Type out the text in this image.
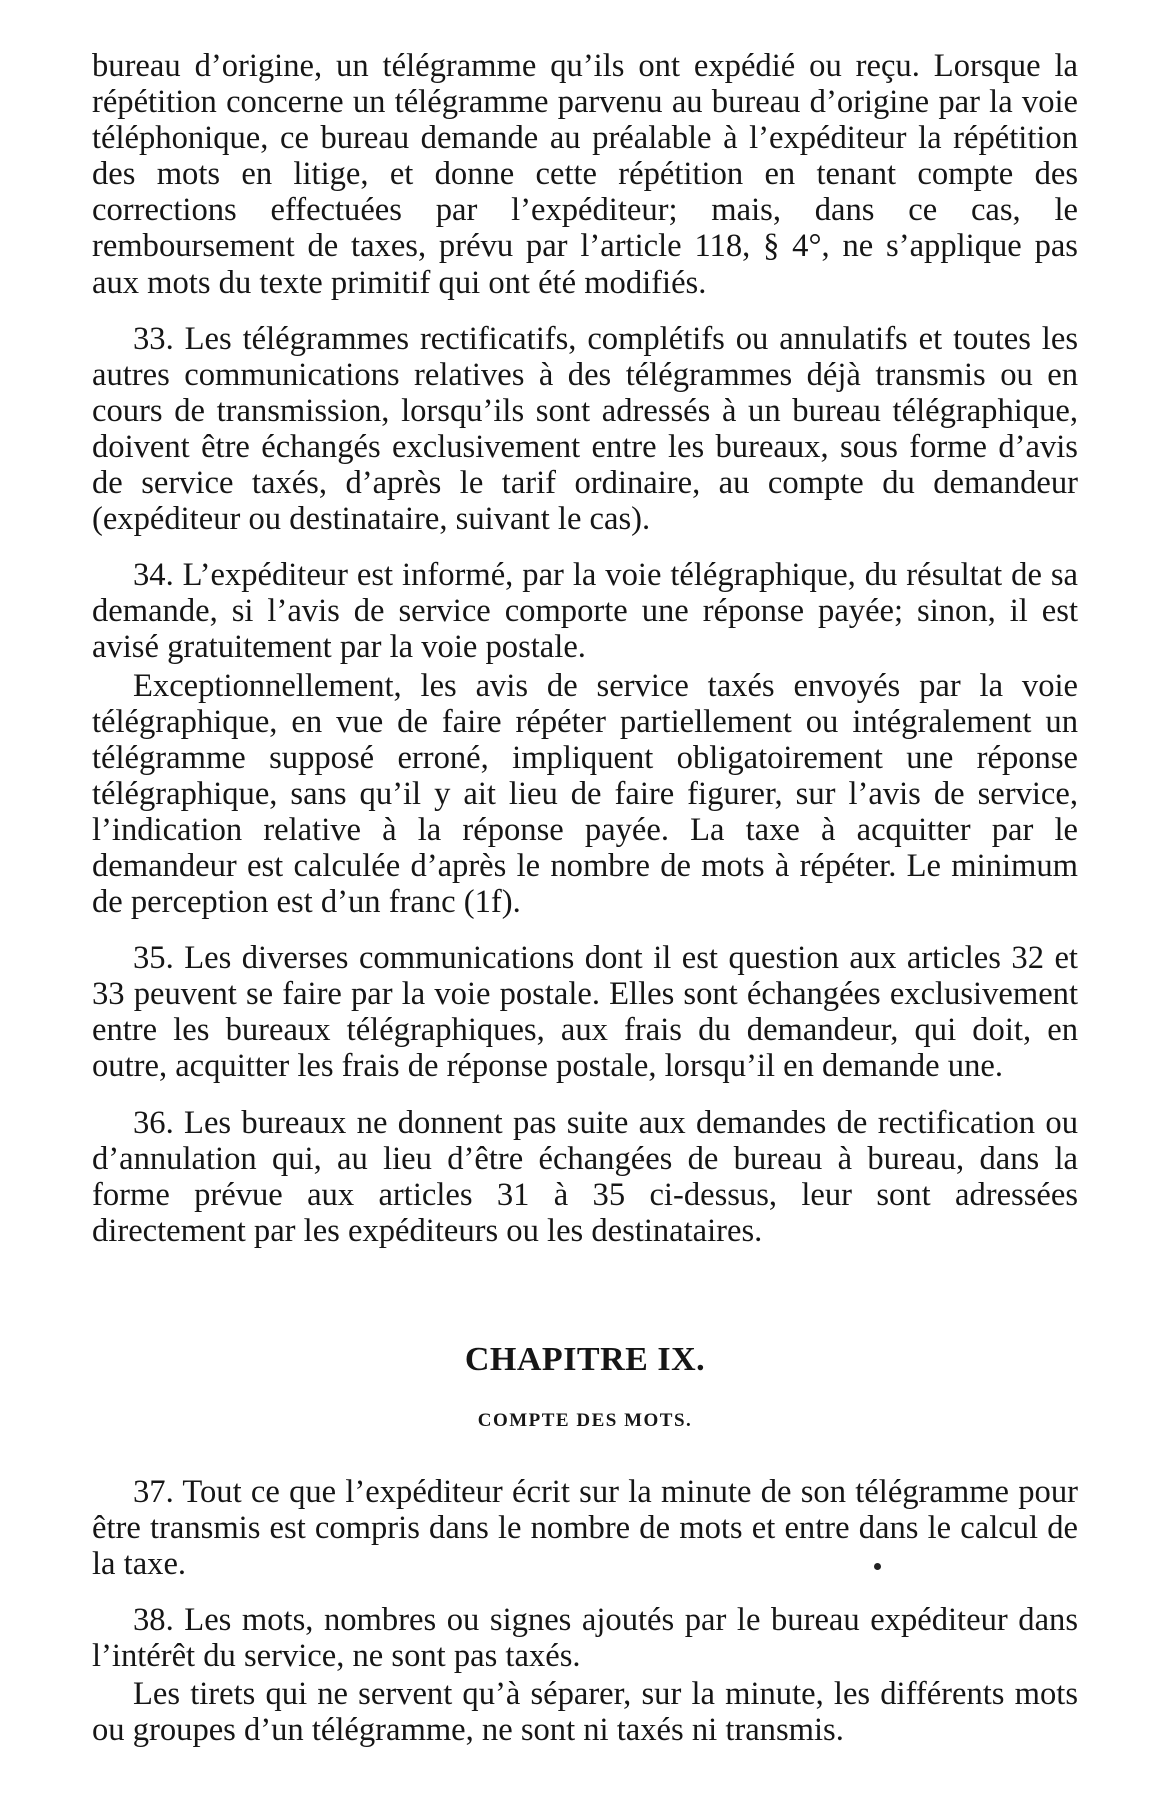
bureau d’origine, un télégramme qu’ils ont expédié ou reçu. Lorsque la répétition concerne un télégramme parvenu au bureau d’origine par la voie téléphonique, ce bureau demande au préalable à l’expéditeur la répétition des mots en litige, et donne cette répétition en tenant compte des corrections effectuées par l’expéditeur; mais, dans ce cas, le remboursement de taxes, prévu par l’article 118, § 4°, ne s’applique pas aux mots du texte primitif qui ont été modifiés.

33. Les télégrammes rectificatifs, complétifs ou annulatifs et toutes les autres communications relatives à des télégrammes déjà transmis ou en cours de transmission, lorsqu’ils sont adressés à un bureau télégraphique, doivent être échangés exclusivement entre les bureaux, sous forme d’avis de service taxés, d’après le tarif ordinaire, au compte du demandeur (expéditeur ou destinataire, suivant le cas).

34. L’expéditeur est informé, par la voie télégraphique, du résultat de sa demande, si l’avis de service comporte une réponse payée; sinon, il est avisé gratuitement par la voie postale.

Exceptionnellement, les avis de service taxés envoyés par la voie télégraphique, en vue de faire répéter partiellement ou intégralement un télégramme supposé erroné, impliquent obligatoirement une réponse télégraphique, sans qu’il y ait lieu de faire figurer, sur l’avis de service, l’indication relative à la réponse payée. La taxe à acquitter par le demandeur est calculée d’après le nombre de mots à répéter. Le minimum de perception est d’un franc (1f).

35. Les diverses communications dont il est question aux articles 32 et 33 peuvent se faire par la voie postale. Elles sont échangées exclusivement entre les bureaux télégraphiques, aux frais du demandeur, qui doit, en outre, acquitter les frais de réponse postale, lorsqu’il en demande une.

36. Les bureaux ne donnent pas suite aux demandes de rectification ou d’annulation qui, au lieu d’être échangées de bureau à bureau, dans la forme prévue aux articles 31 à 35 ci-dessus, leur sont adressées directement par les expéditeurs ou les destinataires.

CHAPITRE IX.
COMPTE DES MOTS.

37. Tout ce que l’expéditeur écrit sur la minute de son télégramme pour être transmis est compris dans le nombre de mots et entre dans le calcul de la taxe.

38. Les mots, nombres ou signes ajoutés par le bureau expéditeur dans l’intérêt du service, ne sont pas taxés.

Les tirets qui ne servent qu’à séparer, sur la minute, les différents mots ou groupes d’un télégramme, ne sont ni taxés ni transmis.
